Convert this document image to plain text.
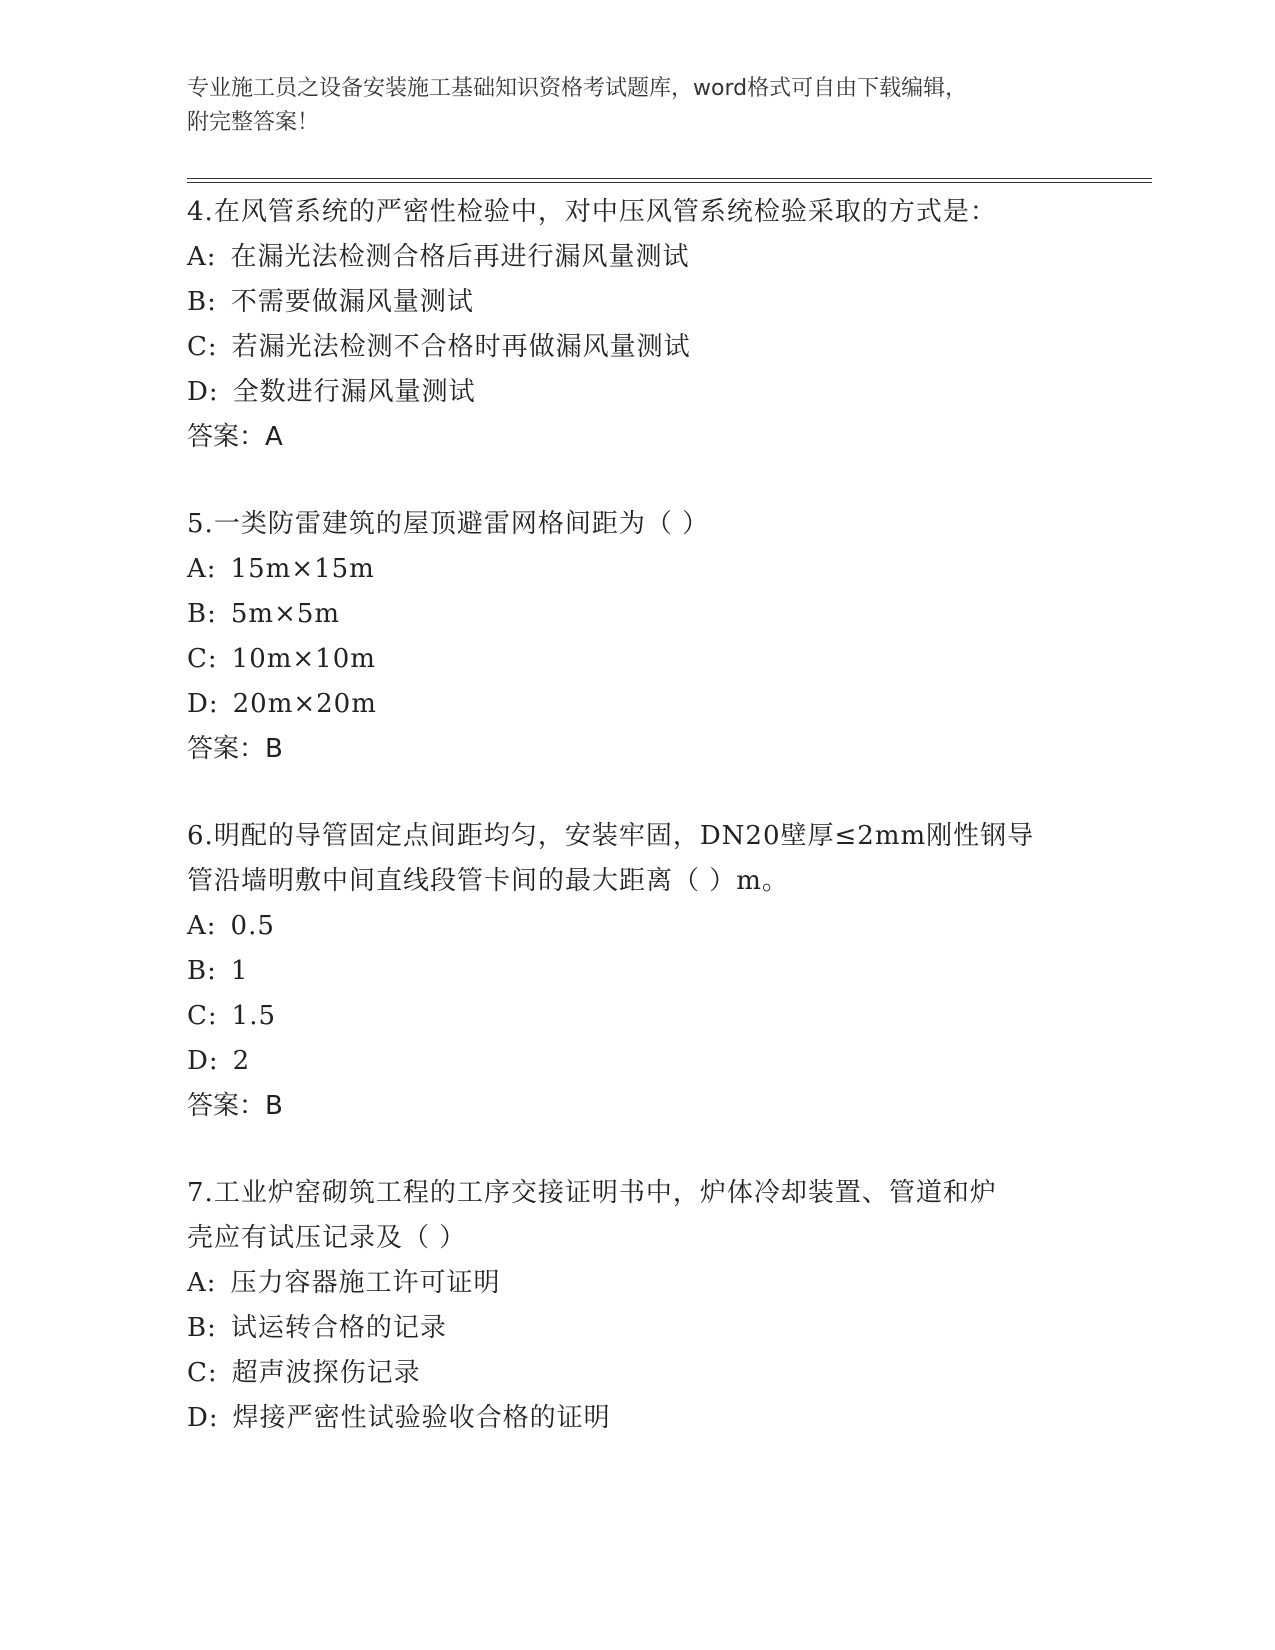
专业施工员之设备安装施工基础知识资格考试题库，word格式可自由下载编辑，
附完整答案！
4.在风管系统的严密性检验中，对中压风管系统检验采取的方式是：
A: 在漏光法检测合格后再进行漏风量测试
B: 不需要做漏风量测试
C: 若漏光法检测不合格时再做漏风量测试
D: 全数进行漏风量测试
答案：A
5.一类防雷建筑的屋顶避雷网格间距为（ ）
A: 15m×15m
B: 5m×5m
C: 10m×10m
D: 20m×20m
答案：B
6.明配的导管固定点间距均匀，安装牢固，DN20壁厚≤2mm刚性钢导
管沿墙明敷中间直线段管卡间的最大距离（ ）m。
A: 0.5
B: 1
C: 1.5
D: 2
答案：B
7.工业炉窑砌筑工程的工序交接证明书中，炉体冷却装置、管道和炉
壳应有试压记录及（ ）
A: 压力容器施工许可证明
B: 试运转合格的记录
C: 超声波探伤记录
D: 焊接严密性试验验收合格的证明
